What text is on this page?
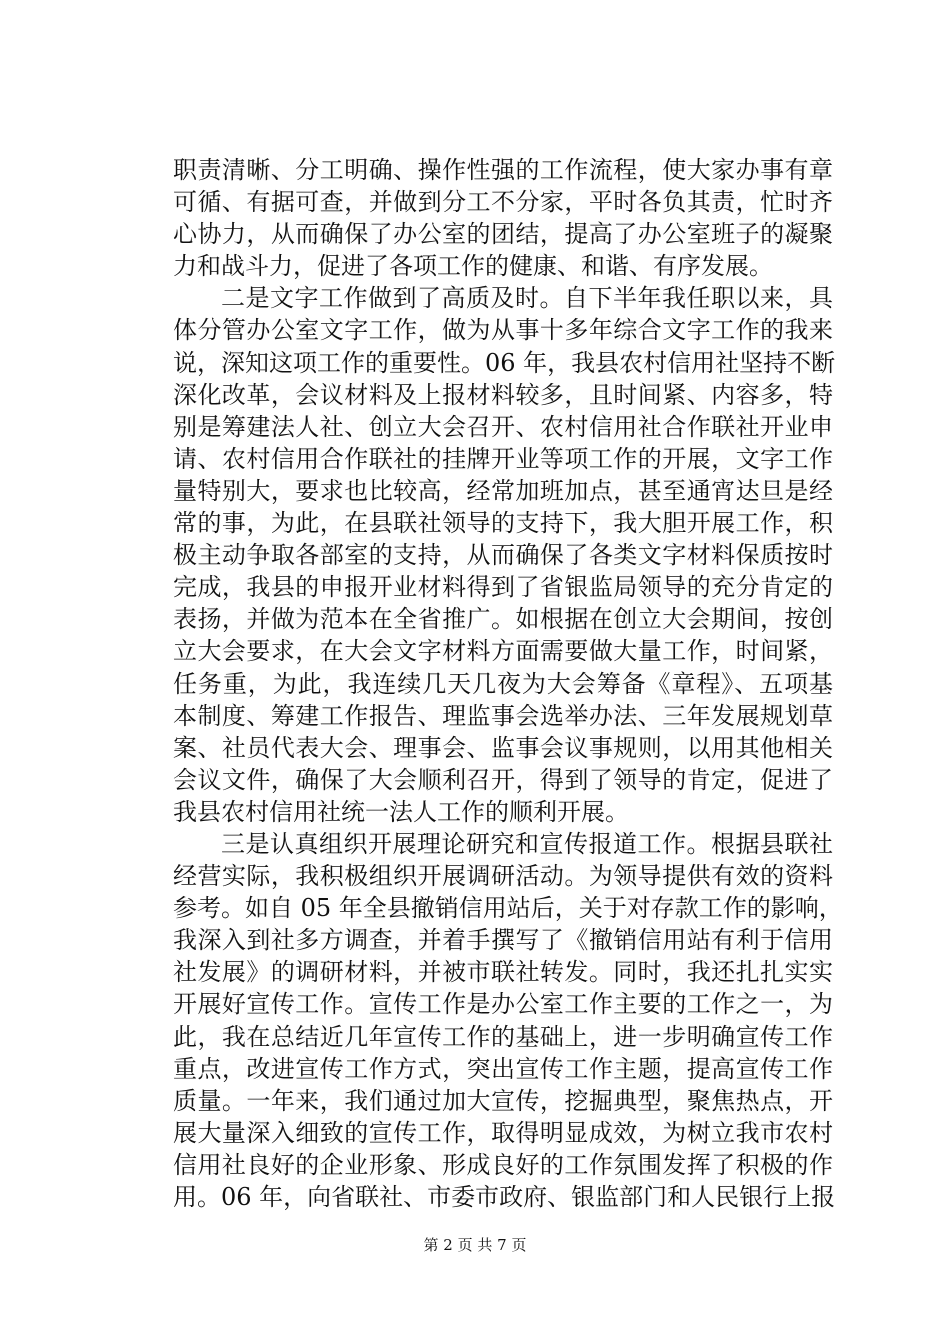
职责清晰、分工明确、操作性强的工作流程，使大家办事有章
可循、有据可查，并做到分工不分家，平时各负其责，忙时齐
心协力，从而确保了办公室的团结，提高了办公室班子的凝聚
力和战斗力，促进了各项工作的健康、和谐、有序发展。
二是文字工作做到了高质及时。自下半年我任职以来，具
体分管办公室文字工作，做为从事十多年综合文字工作的我来
说，深知这项工作的重要性。06 年，我县农村信用社坚持不断
深化改革，会议材料及上报材料较多，且时间紧、内容多，特
别是筹建法人社、创立大会召开、农村信用社合作联社开业申
请、农村信用合作联社的挂牌开业等项工作的开展，文字工作
量特别大，要求也比较高，经常加班加点，甚至通宵达旦是经
常的事，为此，在县联社领导的支持下，我大胆开展工作，积
极主动争取各部室的支持，从而确保了各类文字材料保质按时
完成，我县的申报开业材料得到了省银监局领导的充分肯定的
表扬，并做为范本在全省推广。如根据在创立大会期间，按创
立大会要求，在大会文字材料方面需要做大量工作，时间紧，
任务重，为此，我连续几天几夜为大会筹备《章程》、五项基
本制度、筹建工作报告、理监事会选举办法、三年发展规划草
案、社员代表大会、理事会、监事会议事规则，以用其他相关
会议文件，确保了大会顺利召开，得到了领导的肯定，促进了
我县农村信用社统一法人工作的顺利开展。
三是认真组织开展理论研究和宣传报道工作。根据县联社
经营实际，我积极组织开展调研活动。为领导提供有效的资料
参考。如自 05 年全县撤销信用站后，关于对存款工作的影响，
我深入到社多方调查，并着手撰写了《撤销信用站有利于信用
社发展》的调研材料，并被市联社转发。同时，我还扎扎实实
开展好宣传工作。宣传工作是办公室工作主要的工作之一，为
此，我在总结近几年宣传工作的基础上，进一步明确宣传工作
重点，改进宣传工作方式，突出宣传工作主题，提高宣传工作
质量。一年来，我们通过加大宣传，挖掘典型，聚焦热点，开
展大量深入细致的宣传工作，取得明显成效，为树立我市农村
信用社良好的企业形象、形成良好的工作氛围发挥了积极的作
用。06 年，向省联社、市委市政府、银监部门和人民银行上报
第 2 页 共 7 页
